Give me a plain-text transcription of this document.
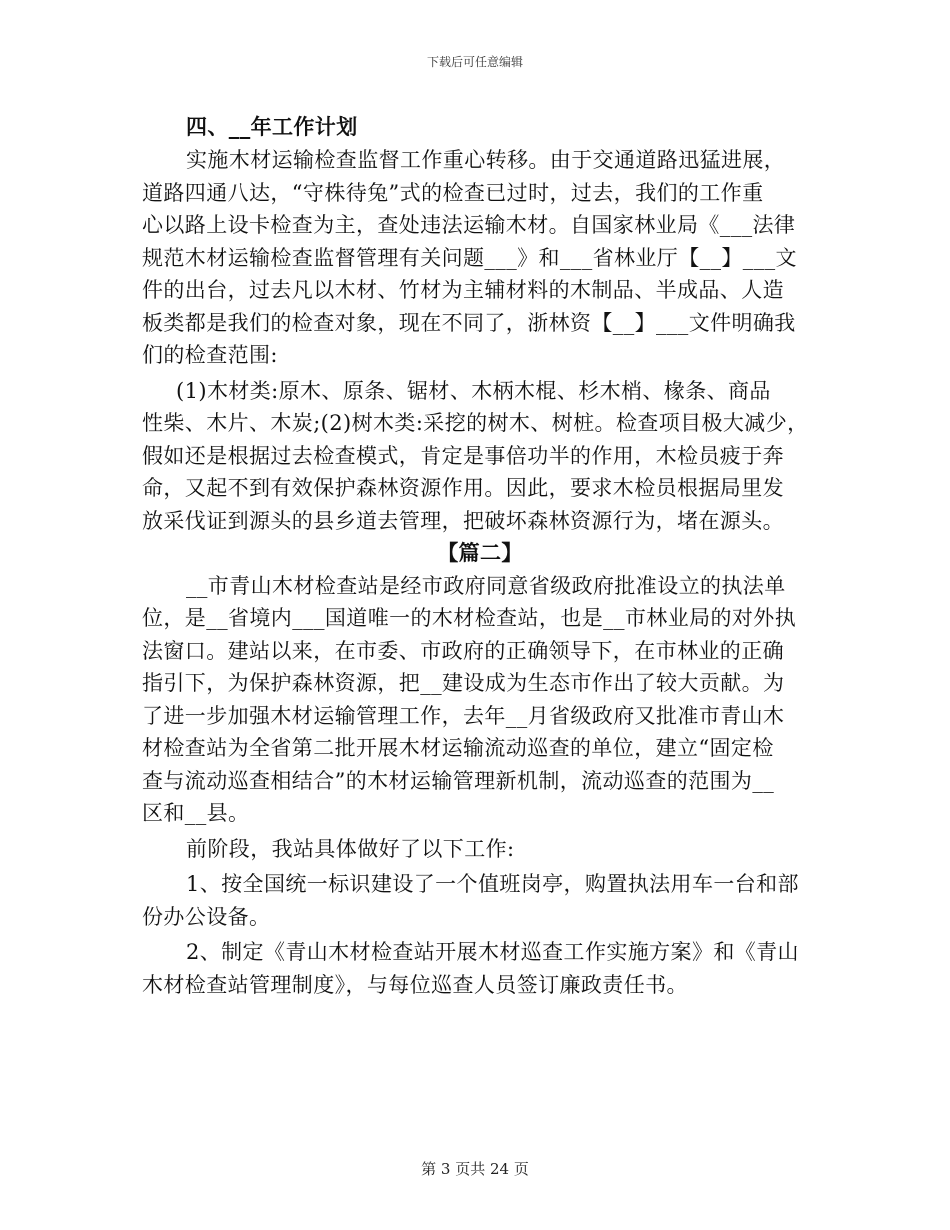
下载后可任意编辑
四、__年工作计划
实施木材运输检查监督工作重心转移。由于交通道路迅猛进展，
道路四通八达，“守株待兔”式的检查已过时，过去，我们的工作重
心以路上设卡检查为主，查处违法运输木材。自国家林业局《___法律
规范木材运输检查监督管理有关问题___》和___省林业厅【__】___文
件的出台，过去凡以木材、竹材为主辅材料的木制品、半成品、人造
板类都是我们的检查对象，现在不同了，浙林资【__】___文件明确我
们的检查范围:
(1)木材类:原木、原条、锯材、木柄木棍、杉木梢、椽条、商品
性柴、木片、木炭;(2)树木类:采挖的树木、树桩。检查项目极大减少，
假如还是根据过去检查模式，肯定是事倍功半的作用，木检员疲于奔
命，又起不到有效保护森林资源作用。因此，要求木检员根据局里发
放采伐证到源头的县乡道去管理，把破坏森林资源行为，堵在源头。
【篇二】
__市青山木材检查站是经市政府同意省级政府批准设立的执法单
位，是__省境内___国道唯一的木材检查站，也是__市林业局的对外执
法窗口。建站以来，在市委、市政府的正确领导下，在市林业的正确
指引下，为保护森林资源，把__建设成为生态市作出了较大贡献。为
了进一步加强木材运输管理工作，去年__月省级政府又批准市青山木
材检查站为全省第二批开展木材运输流动巡查的单位，建立“固定检
查与流动巡查相结合”的木材运输管理新机制，流动巡查的范围为__
区和__县。
前阶段，我站具体做好了以下工作:
1、按全国统一标识建设了一个值班岗亭，购置执法用车一台和部
份办公设备。
2、制定《青山木材检查站开展木材巡查工作实施方案》和《青山
木材检查站管理制度》，与每位巡查人员签订廉政责任书。
第 3 页共 24 页
